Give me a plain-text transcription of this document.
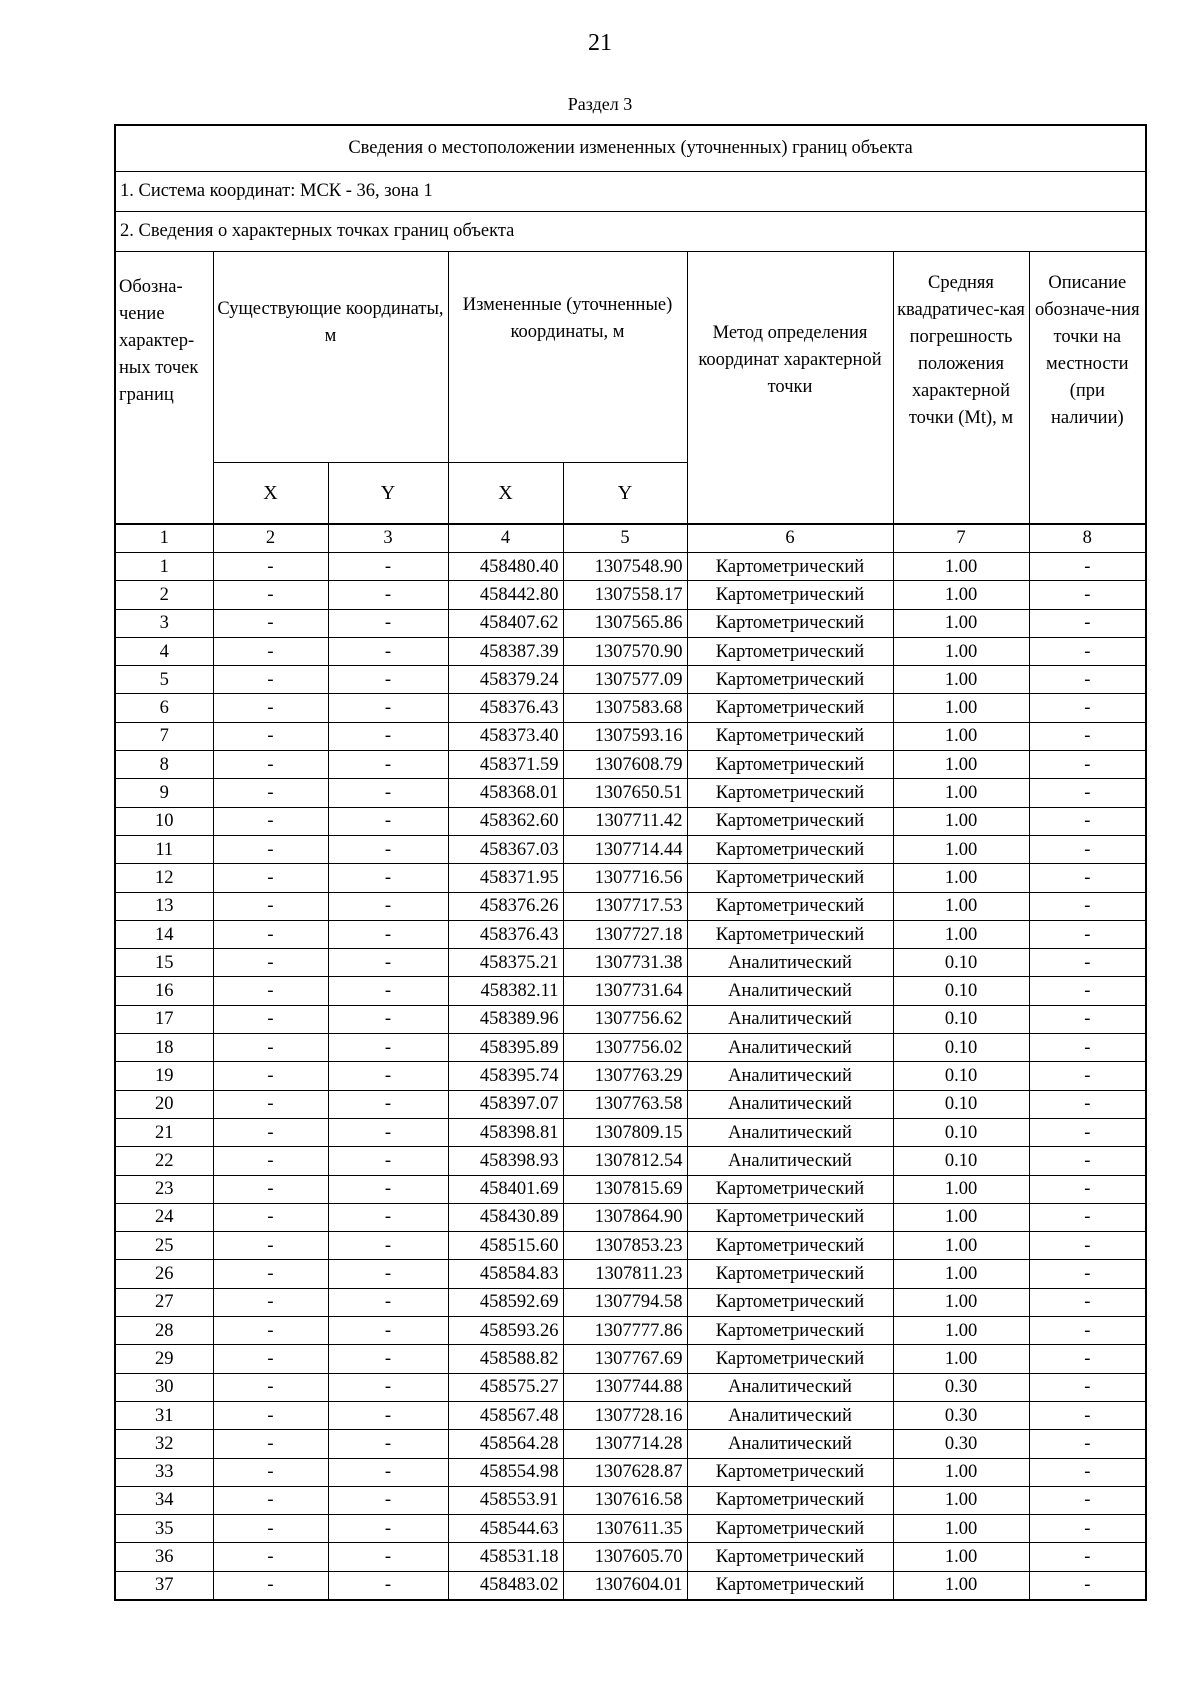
21
Раздел 3
Сведения о местоположении измененных (уточненных) границ объекта							
1. Система координат: МСК - 36, зона 1							
2. Сведения о характерных точках границ объекта							
Обозна-чение характер-ных точек границ	Существующие координаты, м		Измененные (уточненные) координаты, м		Метод определения координат характерной точки	Средняя квадратичес-кая погрешность положения характерной точки (Mt), м	Описание обозначе-ния точки на местности (при наличии)
	X	Y	X	Y			
1	2	3	4	5	6	7	8
1	-	-	458480.40	1307548.90	Картометрический	1.00	-
2	-	-	458442.80	1307558.17	Картометрический	1.00	-
3	-	-	458407.62	1307565.86	Картометрический	1.00	-
4	-	-	458387.39	1307570.90	Картометрический	1.00	-
5	-	-	458379.24	1307577.09	Картометрический	1.00	-
6	-	-	458376.43	1307583.68	Картометрический	1.00	-
7	-	-	458373.40	1307593.16	Картометрический	1.00	-
8	-	-	458371.59	1307608.79	Картометрический	1.00	-
9	-	-	458368.01	1307650.51	Картометрический	1.00	-
10	-	-	458362.60	1307711.42	Картометрический	1.00	-
11	-	-	458367.03	1307714.44	Картометрический	1.00	-
12	-	-	458371.95	1307716.56	Картометрический	1.00	-
13	-	-	458376.26	1307717.53	Картометрический	1.00	-
14	-	-	458376.43	1307727.18	Картометрический	1.00	-
15	-	-	458375.21	1307731.38	Аналитический	0.10	-
16	-	-	458382.11	1307731.64	Аналитический	0.10	-
17	-	-	458389.96	1307756.62	Аналитический	0.10	-
18	-	-	458395.89	1307756.02	Аналитический	0.10	-
19	-	-	458395.74	1307763.29	Аналитический	0.10	-
20	-	-	458397.07	1307763.58	Аналитический	0.10	-
21	-	-	458398.81	1307809.15	Аналитический	0.10	-
22	-	-	458398.93	1307812.54	Аналитический	0.10	-
23	-	-	458401.69	1307815.69	Картометрический	1.00	-
24	-	-	458430.89	1307864.90	Картометрический	1.00	-
25	-	-	458515.60	1307853.23	Картометрический	1.00	-
26	-	-	458584.83	1307811.23	Картометрический	1.00	-
27	-	-	458592.69	1307794.58	Картометрический	1.00	-
28	-	-	458593.26	1307777.86	Картометрический	1.00	-
29	-	-	458588.82	1307767.69	Картометрический	1.00	-
30	-	-	458575.27	1307744.88	Аналитический	0.30	-
31	-	-	458567.48	1307728.16	Аналитический	0.30	-
32	-	-	458564.28	1307714.28	Аналитический	0.30	-
33	-	-	458554.98	1307628.87	Картометрический	1.00	-
34	-	-	458553.91	1307616.58	Картометрический	1.00	-
35	-	-	458544.63	1307611.35	Картометрический	1.00	-
36	-	-	458531.18	1307605.70	Картометрический	1.00	-
37	-	-	458483.02	1307604.01	Картометрический	1.00	-
